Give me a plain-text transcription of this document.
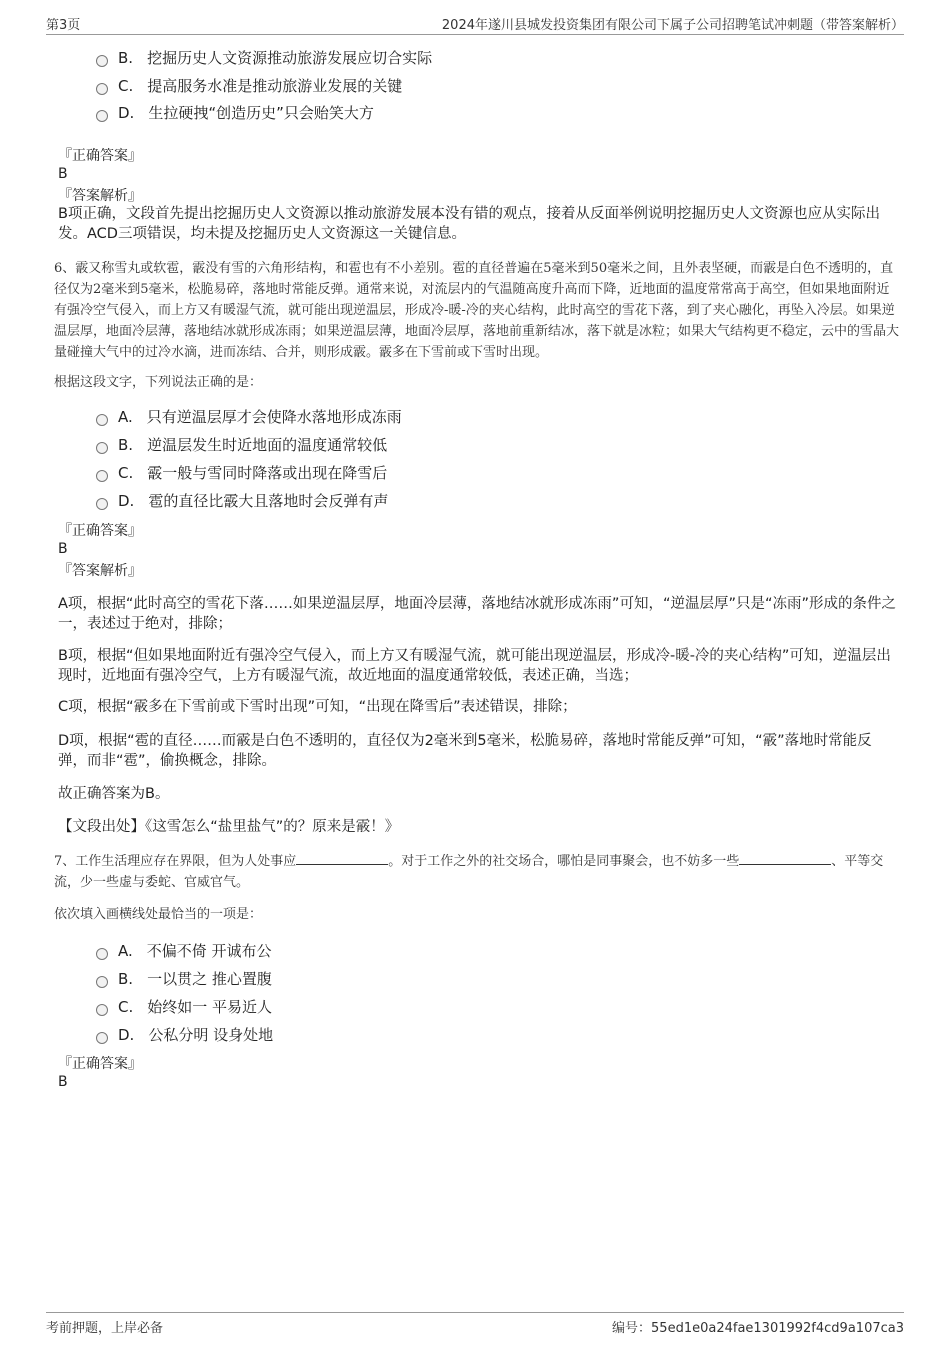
第3页	2024年遂川县城发投资集团有限公司下属子公司招聘笔试冲刺题（带答案解析）
B. 挖掘历史人文资源推动旅游发展应切合实际
C. 提高服务水准是推动旅游业发展的关键
D. 生拉硬拽“创造历史”只会贻笑大方
『正确答案』
B
『答案解析』
B项正确，文段首先提出挖掘历史人文资源以推动旅游发展本没有错的观点，接着从反面举例说明挖掘历史人文资源也应从实际出发。ACD三项错误，均未提及挖掘历史人文资源这一关键信息。
6、霰又称雪丸或软雹，霰没有雪的六角形结构，和雹也有不小差别。雹的直径普遍在5毫米到50毫米之间，且外表坚硬，而霰是白色不透明的，直径仅为2毫米到5毫米，松脆易碎，落地时常能反弹。通常来说，对流层内的气温随高度升高而下降，近地面的温度常常高于高空，但如果地面附近有强冷空气侵入，而上方又有暖湿气流，就可能出现逆温层，形成冷-暖-冷的夹心结构，此时高空的雪花下落，到了夹心融化，再坠入冷层。如果逆温层厚，地面冷层薄，落地结冰就形成冻雨；如果逆温层薄，地面冷层厚，落地前重新结冰，落下就是冰粒；如果大气结构更不稳定，云中的雪晶大量碰撞大气中的过冷水滴，进而冻结、合并，则形成霰。霰多在下雪前或下雪时出现。
根据这段文字，下列说法正确的是：
A. 只有逆温层厚才会使降水落地形成冻雨
B. 逆温层发生时近地面的温度通常较低
C. 霰一般与雪同时降落或出现在降雪后
D. 雹的直径比霰大且落地时会反弹有声
『正确答案』
B
『答案解析』
A项，根据“此时高空的雪花下落……如果逆温层厚，地面冷层薄，落地结冰就形成冻雨”可知，“逆温层厚”只是“冻雨”形成的条件之一，表述过于绝对，排除；
B项，根据“但如果地面附近有强冷空气侵入，而上方又有暖湿气流，就可能出现逆温层，形成冷-暖-冷的夹心结构”可知，逆温层出现时，近地面有强冷空气，上方有暖湿气流，故近地面的温度通常较低，表述正确，当选；
C项，根据“霰多在下雪前或下雪时出现”可知，“出现在降雪后”表述错误，排除；
D项，根据“雹的直径……而霰是白色不透明的，直径仅为2毫米到5毫米，松脆易碎，落地时常能反弹”可知，“霰”落地时常能反弹，而非“雹”，偷换概念，排除。
故正确答案为B。
【文段出处】《这雪怎么“盐里盐气”的？原来是霰！》
7、工作生活理应存在界限，但为人处事应	。对于工作之外的社交场合，哪怕是同事聚会，也不妨多一些	、平等交流，少一些虚与委蛇、官威官气。
依次填入画横线处最恰当的一项是：
A. 不偏不倚 开诚布公
B. 一以贯之 推心置腹
C. 始终如一 平易近人
D. 公私分明 设身处地
『正确答案』
B
考前押题，上岸必备	编号：55ed1e0a24fae1301992f4cd9a107ca3
